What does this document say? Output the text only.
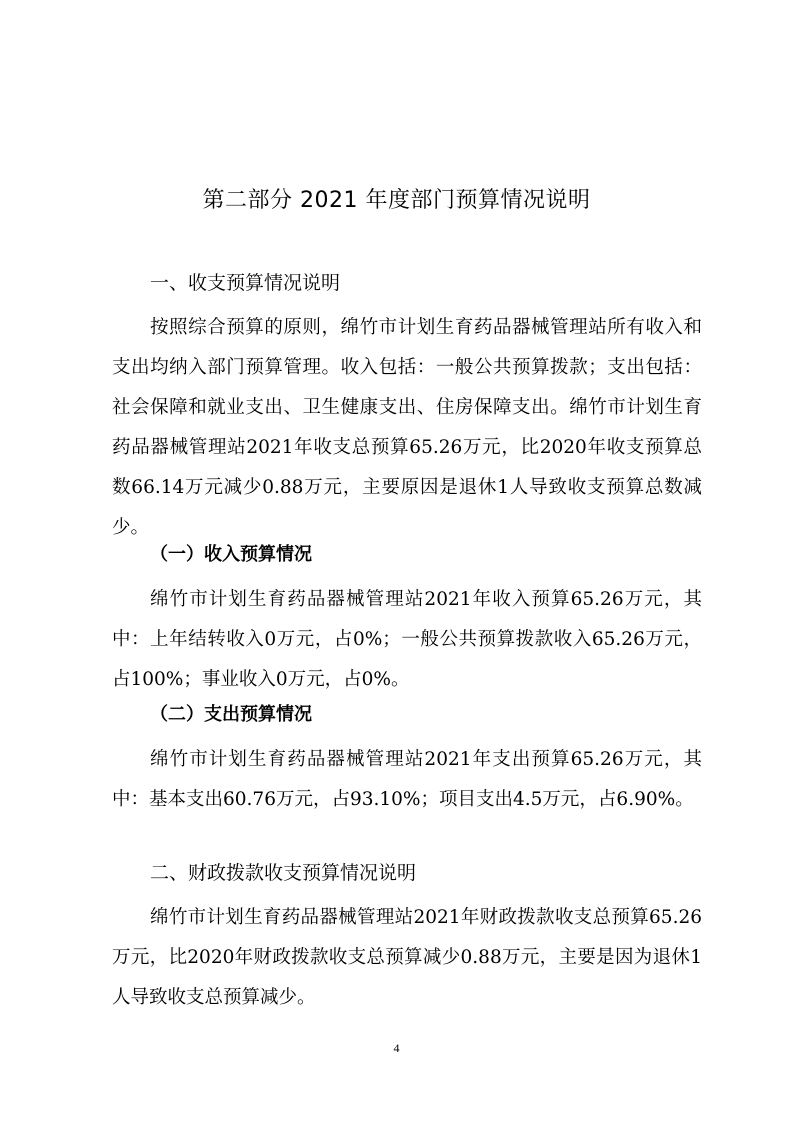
第二部分 2021 年度部门预算情况说明
一、收支预算情况说明

按照综合预算的原则，绵竹市计划生育药品器械管理站所有收入和支出均纳入部门预算管理。收入包括：一般公共预算拨款；支出包括：社会保障和就业支出、卫生健康支出、住房保障支出。绵竹市计划生育药品器械管理站2021年收支总预算65.26万元，比2020年收支预算总数66.14万元减少0.88万元，主要原因是退休1人导致收支预算总数减少。

（一）收入预算情况

绵竹市计划生育药品器械管理站2021年收入预算65.26万元，其中：上年结转收入0万元，占0%；一般公共预算拨款收入65.26万元，占100%；事业收入0万元，占0%。

（二）支出预算情况

绵竹市计划生育药品器械管理站2021年支出预算65.26万元，其中：基本支出60.76万元，占93.10%；项目支出4.5万元，占6.90%。

二、财政拨款收支预算情况说明

绵竹市计划生育药品器械管理站2021年财政拨款收支总预算65.26万元，比2020年财政拨款收支总预算减少0.88万元，主要是因为退休1人导致收支总预算减少。

4
